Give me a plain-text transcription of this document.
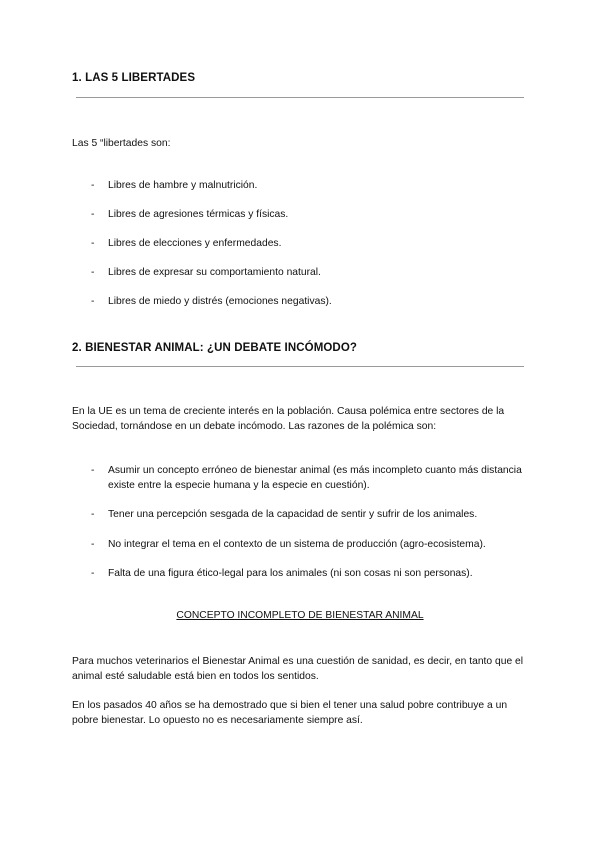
1. LAS 5 LIBERTADES

Las 5 “libertades son:

- Libres de hambre y malnutrición.
- Libres de agresiones térmicas y físicas.
- Libres de elecciones y enfermedades.
- Libres de expresar su comportamiento natural.
- Libres de miedo y distrés (emociones negativas).
2. BIENESTAR ANIMAL: ¿UN DEBATE INCÓMODO?

En la UE es un tema de creciente interés en la población. Causa polémica entre sectores de la Sociedad, tornándose en un debate incómodo. Las razones de la polémica son:

- Asumir un concepto erróneo de bienestar animal (es más incompleto cuanto más distancia existe entre la especie humana y la especie en cuestión).
- Tener una percepción sesgada de la capacidad de sentir y sufrir de los animales.
- No integrar el tema en el contexto de un sistema de producción (agro-ecosistema).
- Falta de una figura ético-legal para los animales (ni son cosas ni son personas).

CONCEPTO INCOMPLETO DE BIENESTAR ANIMAL

Para muchos veterinarios el Bienestar Animal es una cuestión de sanidad, es decir, en tanto que el animal esté saludable está bien en todos los sentidos.

En los pasados 40 años se ha demostrado que si bien el tener una salud pobre contribuye a un pobre bienestar. Lo opuesto no es necesariamente siempre así.
